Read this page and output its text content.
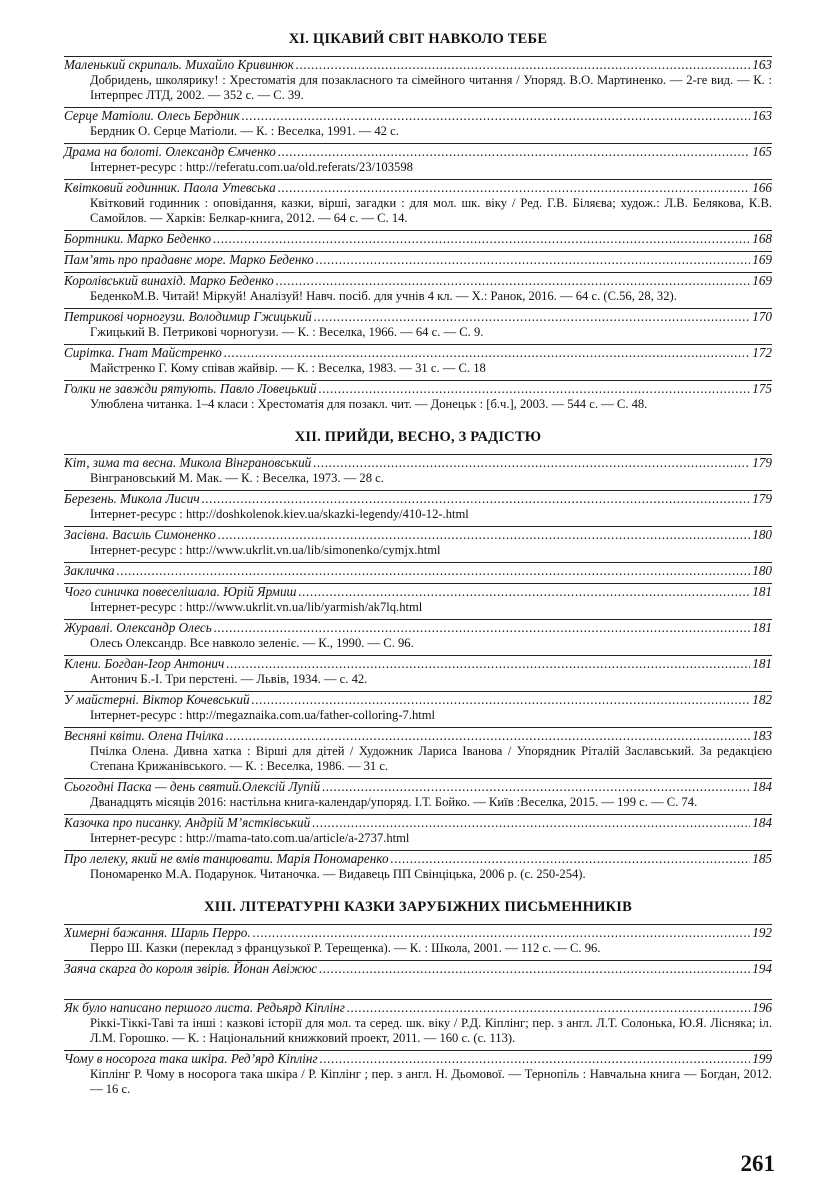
XI. ЦІКАВИЙ СВІТ НАВКОЛО ТЕБЕ
Маленький скрипаль. Михайло Кривинюк .....	163
Добридень, школярику! : Хрестоматія для позакласного та сімейного читання / Упоряд. В.О. Мартиненко. — 2-ге вид. — К. : Інтерпрес ЛТД, 2002. — 352 с. — С. 39.
Серце Матіоли. Олесь Бердник .....	163
Бердник О. Серце Матіоли. — К. : Веселка, 1991. — 42 с.
Драма на болоті. Олександр Ємченко .....	165
Інтернет-ресурс : http://referatu.com.ua/old.referats/23/103598
Квітковий годинник. Паола Утевська .....	166
Квітковий годинник : оповідання, казки, вірші, загадки : для мол. шк. віку / Ред. Г.В. Біляєва; худож.: Л.В. Белякова, К.В. Самойлов. — Харків: Белкар-книга, 2012. — 64 с. — С. 14.
Бортники. Марко Беденко .....	168
Пам’ять про прадавнє море. Марко Беденко .....	169
Королівський винахід. Марко Беденко .....	169
БеденкоМ.В. Читай! Міркуй! Аналізуй! Навч. посіб. для учнів 4 кл. — Х.: Ранок, 2016. — 64 с. (С.56, 28, 32).
Петрикові чорногузи. Володимир Гжицький .....	170
Гжицький В. Петрикові чорногузи. — К. : Веселка, 1966. — 64 с. — С. 9.
Сирітка. Гнат Майстренко .....	172
Майстренко Г. Кому співав жайвір. — К. : Веселка, 1983. — 31 с. — С. 18
Голки не завжди рятують. Павло Ловецький .....	175
Улюблена читанка. 1–4 класи : Хрестоматія для позакл. чит. — Донецьк : [б.ч.], 2003. — 544 с. — С. 48.
XII. ПРИЙДИ, ВЕСНО, З РАДІСТЮ
Кіт, зима та весна. Микола Вінграновський .....	179
Вінграновський М. Мак. — К. : Веселка, 1973. — 28 с.
Березень. Микола Лисич .....	179
Інтернет-ресурс : http://doshkolenok.kiev.ua/skazki-legendy/410-12-.html
Засівна. Василь Симоненко .....	180
Інтернет-ресурс : http://www.ukrlit.vn.ua/lib/simonenko/cymjx.html
Закличка .....	180
Чого синичка повеселішала. Юрій Ярмиш .....	181
Інтернет-ресурс : http://www.ukrlit.vn.ua/lib/yarmish/ak7lq.html
Журавлі. Олександр Олесь .....	181
Олесь Олександр. Все навколо зеленіє. — К., 1990. — С. 96.
Клени. Богдан-Ігор Антонич .....	181
Антонич Б.-І. Три перстені. — Львів, 1934. — с. 42.
У майстерні. Віктор Кочевський .....	182
Інтернет-ресурс : http://megaznaika.com.ua/father-colloring-7.html
Весняні квіти. Олена Пчілка .....	183
Пчілка Олена. Дивна хатка : Вірші для дітей / Художник Лариса Іванова / Упорядник Рiталiй Заславський. За редакцією Степана Крижанівського. — К. : Веселка, 1986. — 31 с.
Сьогодні Паска — день святий.Олексій Лупій .....	184
Дванадцять місяців 2016: настільна книга-календар/упоряд. І.Т. Бойко. — Київ :Веселка, 2015. — 199 с. — С. 74.
Казочка про писанку. Андрій М’ястківський .....	184
Інтернет-ресурс : http://mama-tato.com.ua/article/a-2737.html
Про лелеку, який не вмів танцювати. Марія Пономаренко .....	185
Пономаренко М.А. Подарунок. Читаночка. — Видавець ПП Свінціцька, 2006 р. (с. 250-254).
XIII. ЛІТЕРАТУРНІ КАЗКИ ЗАРУБІЖНИХ ПИСЬМЕННИКІВ
Химерні бажання. Шарль Перро. .....	192
Перро Ш. Казки (переклад з французької Р. Терещенка). — К. : Школа, 2001. — 112 с. — С. 96.
Заяча скарга до короля звірів. Йонан Авіжюс .....	194
Як було написано першого листа. Редьярд Кіплінг .....	196
Ріккі-Тіккі-Таві та інші : казкові історії для мол. та серед. шк. віку / Р.Д. Кіплінг; пер. з англ. Л.Т. Солонька, Ю.Я. Лісняка; іл. Л.М. Горошко. — К. : Національний книжковий проект, 2011. — 160 с. (с. 113).
Чому в носорога така шкіра. Ред’ярд Кіплінг .....	199
Кіплінг Р. Чому в носорога така шкіра / Р. Кіплінг ; пер. з англ. Н. Дьомової. — Тернопіль : Навчальна книга — Богдан, 2012. — 16 с.
261
